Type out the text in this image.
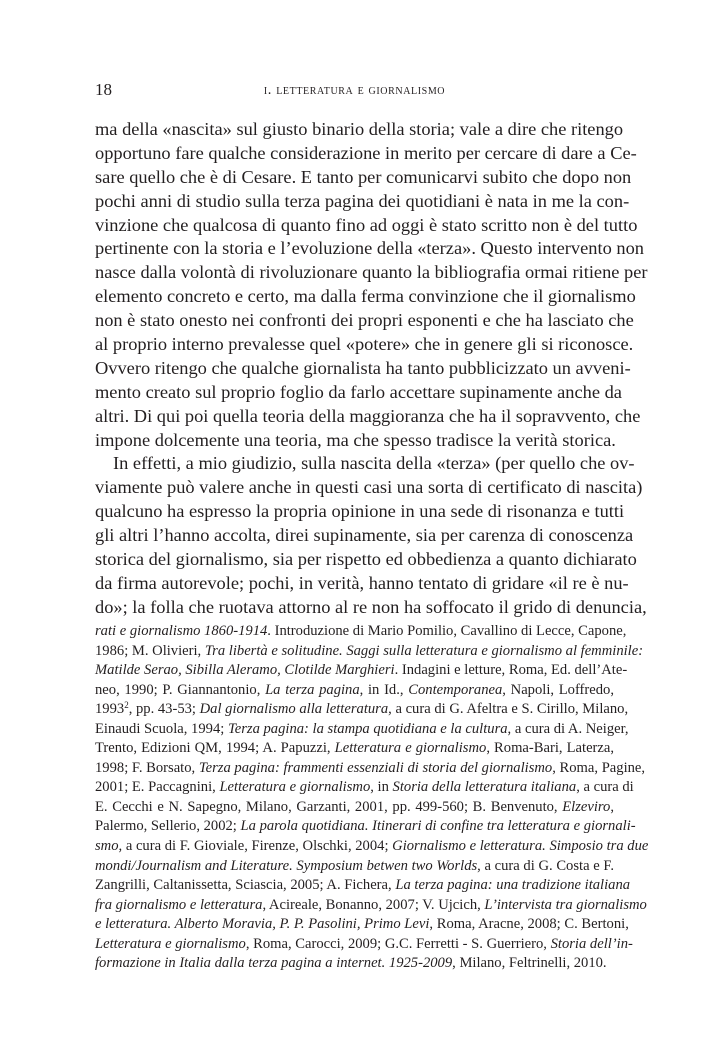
18	i. letteratura e giornalismo
ma della «nascita» sul giusto binario della storia; vale a dire che ritengo
opportuno fare qualche considerazione in merito per cercare di dare a Ce-
sare quello che è di Cesare. E tanto per comunicarvi subito che dopo non
pochi anni di studio sulla terza pagina dei quotidiani è nata in me la con-
vinzione che qualcosa di quanto fino ad oggi è stato scritto non è del tutto
pertinente con la storia e l’evoluzione della «terza». Questo intervento non
nasce dalla volontà di rivoluzionare quanto la bibliografia ormai ritiene per
elemento concreto e certo, ma dalla ferma convinzione che il giornalismo
non è stato onesto nei confronti dei propri esponenti e che ha lasciato che
al proprio interno prevalesse quel «potere» che in genere gli si riconosce.
Ovvero ritengo che qualche giornalista ha tanto pubblicizzato un avveni-
mento creato sul proprio foglio da farlo accettare supinamente anche da
altri. Di qui poi quella teoria della maggioranza che ha il sopravvento, che
impone dolcemente una teoria, ma che spesso tradisce la verità storica.
In effetti, a mio giudizio, sulla nascita della «terza» (per quello che ov-
viamente può valere anche in questi casi una sorta di certificato di nascita)
qualcuno ha espresso la propria opinione in una sede di risonanza e tutti
gli altri l’hanno accolta, direi supinamente, sia per carenza di conoscenza
storica del giornalismo, sia per rispetto ed obbedienza a quanto dichiarato
da firma autorevole; pochi, in verità, hanno tentato di gridare «il re è nu-
do»; la folla che ruotava attorno al re non ha soffocato il grido di denuncia,
rati e giornalismo 1860-1914. Introduzione di Mario Pomilio, Cavallino di Lecce, Capone,
1986; M. Olivieri, Tra libertà e solitudine. Saggi sulla letteratura e giornalismo al femminile:
Matilde Serao, Sibilla Aleramo, Clotilde Marghieri. Indagini e letture, Roma, Ed. dell’Ate-
neo, 1990; P. Giannantonio, La terza pagina, in Id., Contemporanea, Napoli, Loffredo,
1993$^2$, pp. 43-53; Dal giornalismo alla letteratura, a cura di G. Afeltra e S. Cirillo, Milano,
Einaudi Scuola, 1994; Terza pagina: la stampa quotidiana e la cultura, a cura di A. Neiger,
Trento, Edizioni QM, 1994; A. Papuzzi, Letteratura e giornalismo, Roma-Bari, Laterza,
1998; F. Borsato, Terza pagina: frammenti essenziali di storia del giornalismo, Roma, Pagine,
2001; E. Paccagnini, Letteratura e giornalismo, in Storia della letteratura italiana, a cura di
E. Cecchi e N. Sapegno, Milano, Garzanti, 2001, pp. 499-560; B. Benvenuto, Elzeviro,
Palermo, Sellerio, 2002; La parola quotidiana. Itinerari di confine tra letteratura e giornali-
smo, a cura di F. Gioviale, Firenze, Olschki, 2004; Giornalismo e letteratura. Simposio tra due
mondi/Journalism and Literature. Symposium betwen two Worlds, a cura di G. Costa e F.
Zangrilli, Caltanissetta, Sciascia, 2005; A. Fichera, La terza pagina: una tradizione italiana
fra giornalismo e letteratura, Acireale, Bonanno, 2007; V. Ujcich, L’intervista tra giornalismo
e letteratura. Alberto Moravia, P. P. Pasolini, Primo Levi, Roma, Aracne, 2008; C. Bertoni,
Letteratura e giornalismo, Roma, Carocci, 2009; G.C. Ferretti - S. Guerriero, Storia dell’in-
formazione in Italia dalla terza pagina a internet. 1925-2009, Milano, Feltrinelli, 2010.
